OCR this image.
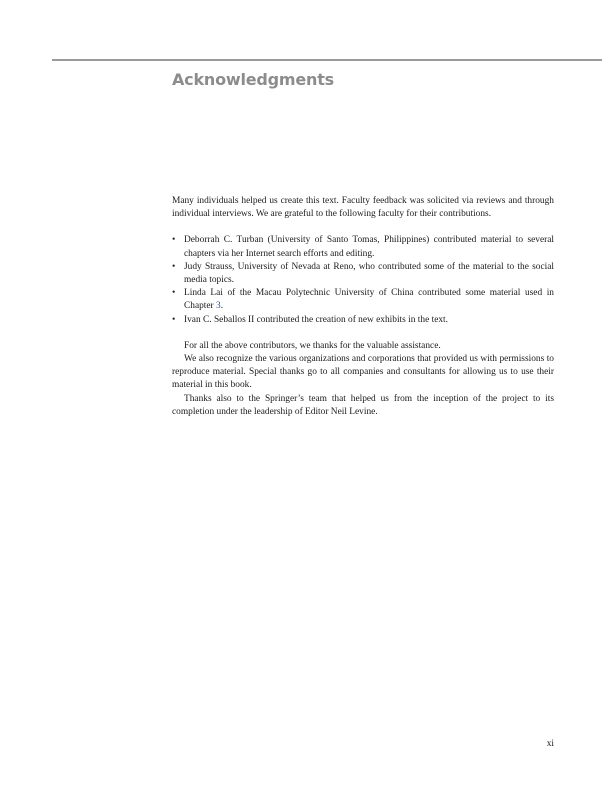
Acknowledgments

Many individuals helped us create this text. Faculty feedback was solicited via reviews and through individual interviews. We are grateful to the following faculty for their contributions.

• Deborrah C. Turban (University of Santo Tomas, Philippines) contributed material to several chapters via her Internet search efforts and editing.
• Judy Strauss, University of Nevada at Reno, who contributed some of the material to the social media topics.
• Linda Lai of the Macau Polytechnic University of China contributed some material used in Chapter 3.
• Ivan C. Seballos II contributed the creation of new exhibits in the text.

For all the above contributors, we thanks for the valuable assistance.

We also recognize the various organizations and corporations that provided us with permissions to reproduce material. Special thanks go to all companies and consultants for allowing us to use their material in this book.

Thanks also to the Springer’s team that helped us from the inception of the project to its completion under the leadership of Editor Neil Levine.

xi
